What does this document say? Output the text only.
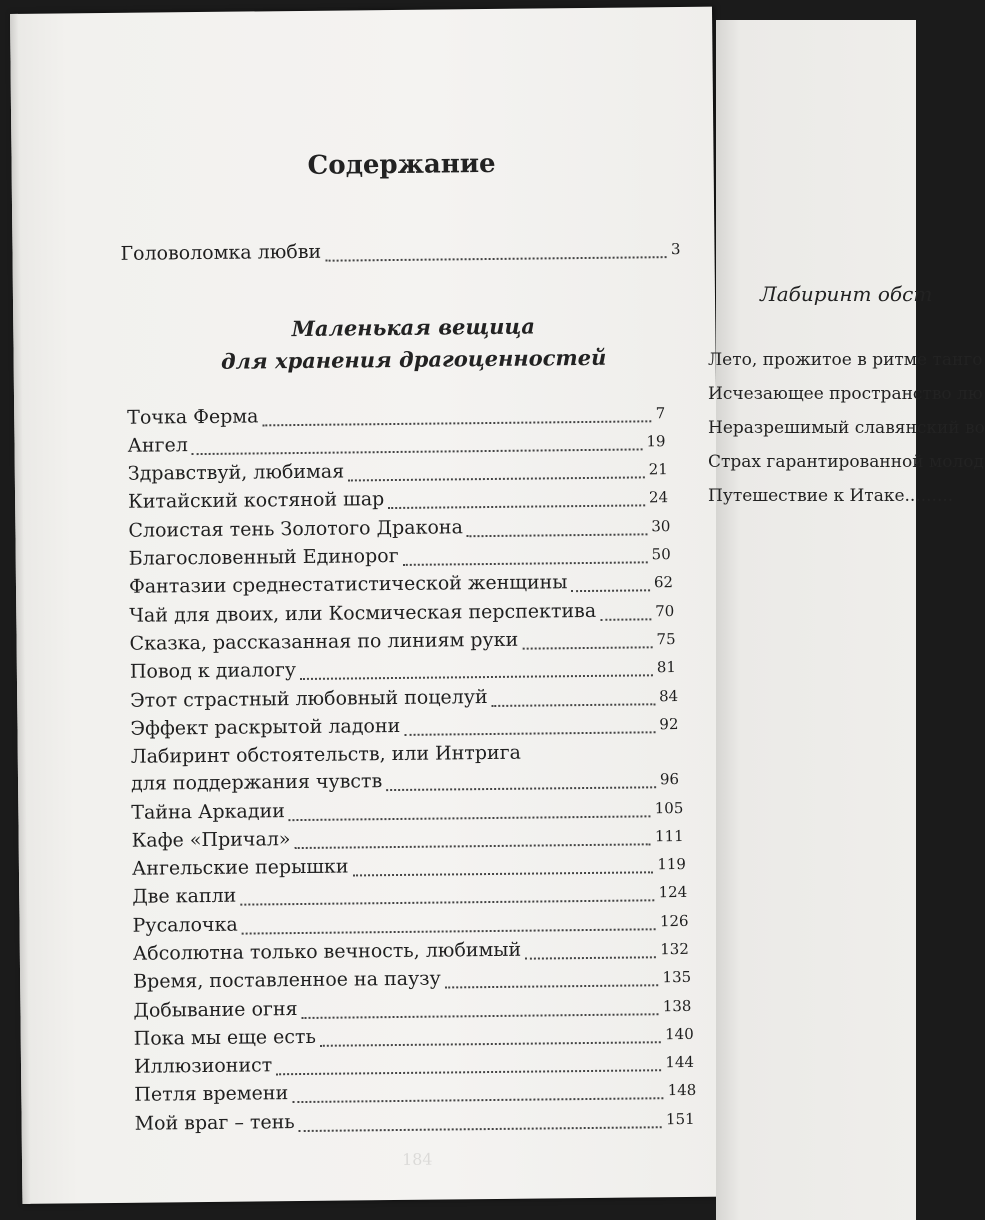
Содержание
Головоломка любви	3
Маленькая вещица
для хранения драгоценностей
Точка Ферма	7
Ангел	19
Здравствуй, любимая	21
Китайский костяной шар	24
Слоистая тень Золотого Дракона	30
Благословенный Единорог	50
Фантазии среднестатистической женщины	62
Чай для двоих, или Космическая перспектива	70
Сказка, рассказанная по линиям руки	75
Повод к диалогу	81
Этот страстный любовный поцелуй	84
Эффект раскрытой ладони	92
Лабиринт обстоятельств, или Интрига
для поддержания чувств	96
Тайна Аркадии	105
Кафе «Причал»	111
Ангельские перышки	119
Две капли	124
Русалочка	126
Абсолютна только вечность, любимый	132
Время, поставленное на паузу	135
Добывание огня	138
Пока мы еще есть	140
Иллюзионист	144
Петля времени	148
Мой враг – тень	151
184
Лабиринт обст
Лето, прожитое в ритме танго
Исчезающее пространство лю
Неразрешимый славянский во
Страх гарантированной молод
Путешествие к Итаке.........
